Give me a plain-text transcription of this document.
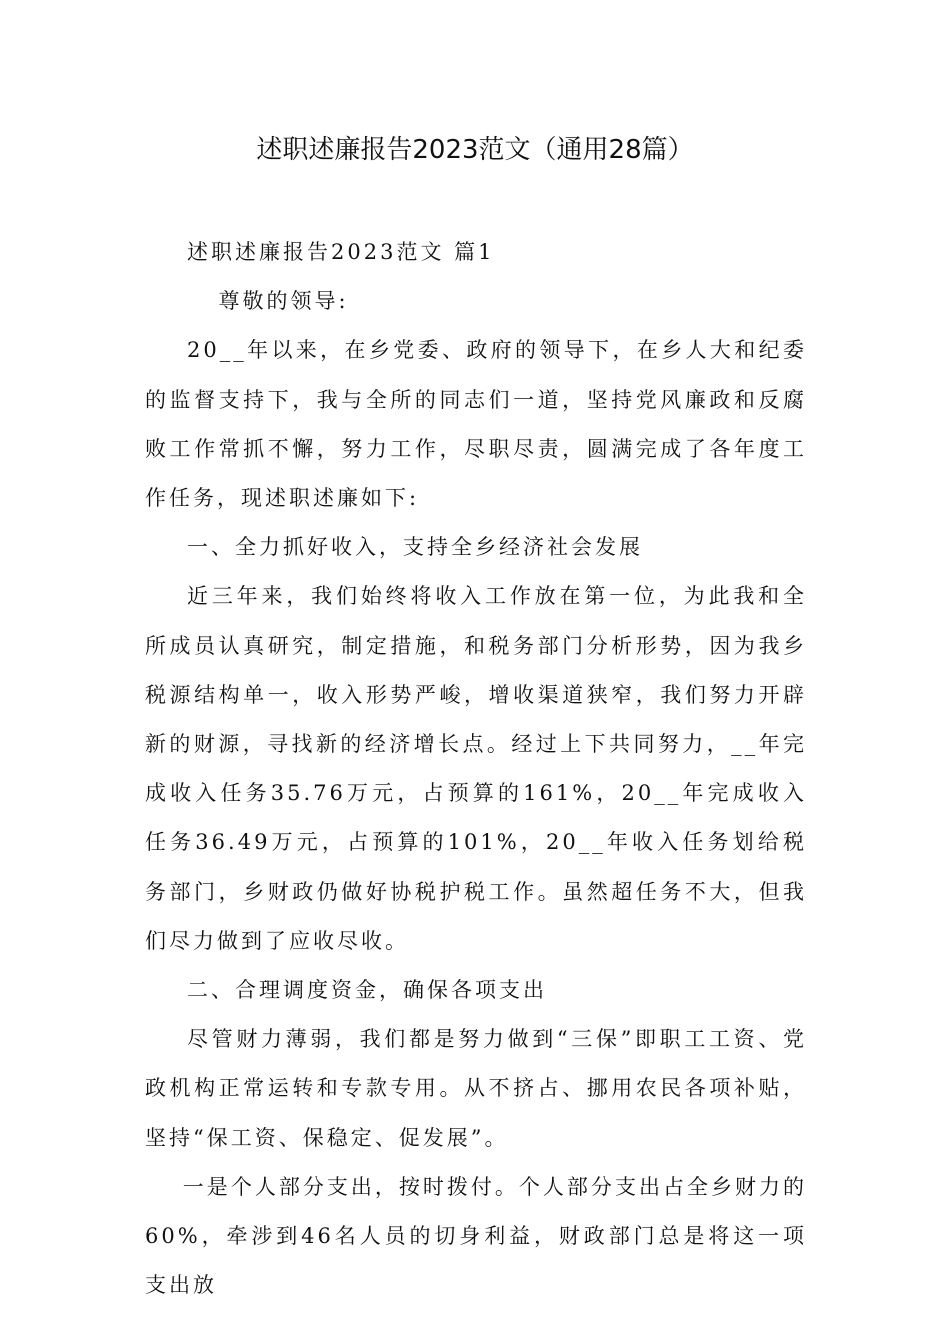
述职述廉报告2023范文（通用28篇）

述职述廉报告2023范文 篇1

尊敬的领导:

20__年以来，在乡党委、政府的领导下，在乡人大和纪委的监督支持下，我与全所的同志们一道，坚持党风廉政和反腐败工作常抓不懈，努力工作，尽职尽责，圆满完成了各年度工作任务，现述职述廉如下:

一、全力抓好收入，支持全乡经济社会发展

近三年来，我们始终将收入工作放在第一位，为此我和全所成员认真研究，制定措施，和税务部门分析形势，因为我乡税源结构单一，收入形势严峻，增收渠道狭窄，我们努力开辟新的财源，寻找新的经济增长点。经过上下共同努力，__年完成收入任务35.76万元，占预算的161%，20__年完成收入任务36.49万元，占预算的101%，20__年收入任务划给税务部门，乡财政仍做好协税护税工作。虽然超任务不大，但我们尽力做到了应收尽收。

二、合理调度资金，确保各项支出

尽管财力薄弱，我们都是努力做到“三保”即职工工资、党政机构正常运转和专款专用。从不挤占、挪用农民各项补贴，坚持“保工资、保稳定、促发展”。

一是个人部分支出，按时拨付。个人部分支出占全乡财力的60%，牵涉到46名人员的切身利益，财政部门总是将这一项支出放
